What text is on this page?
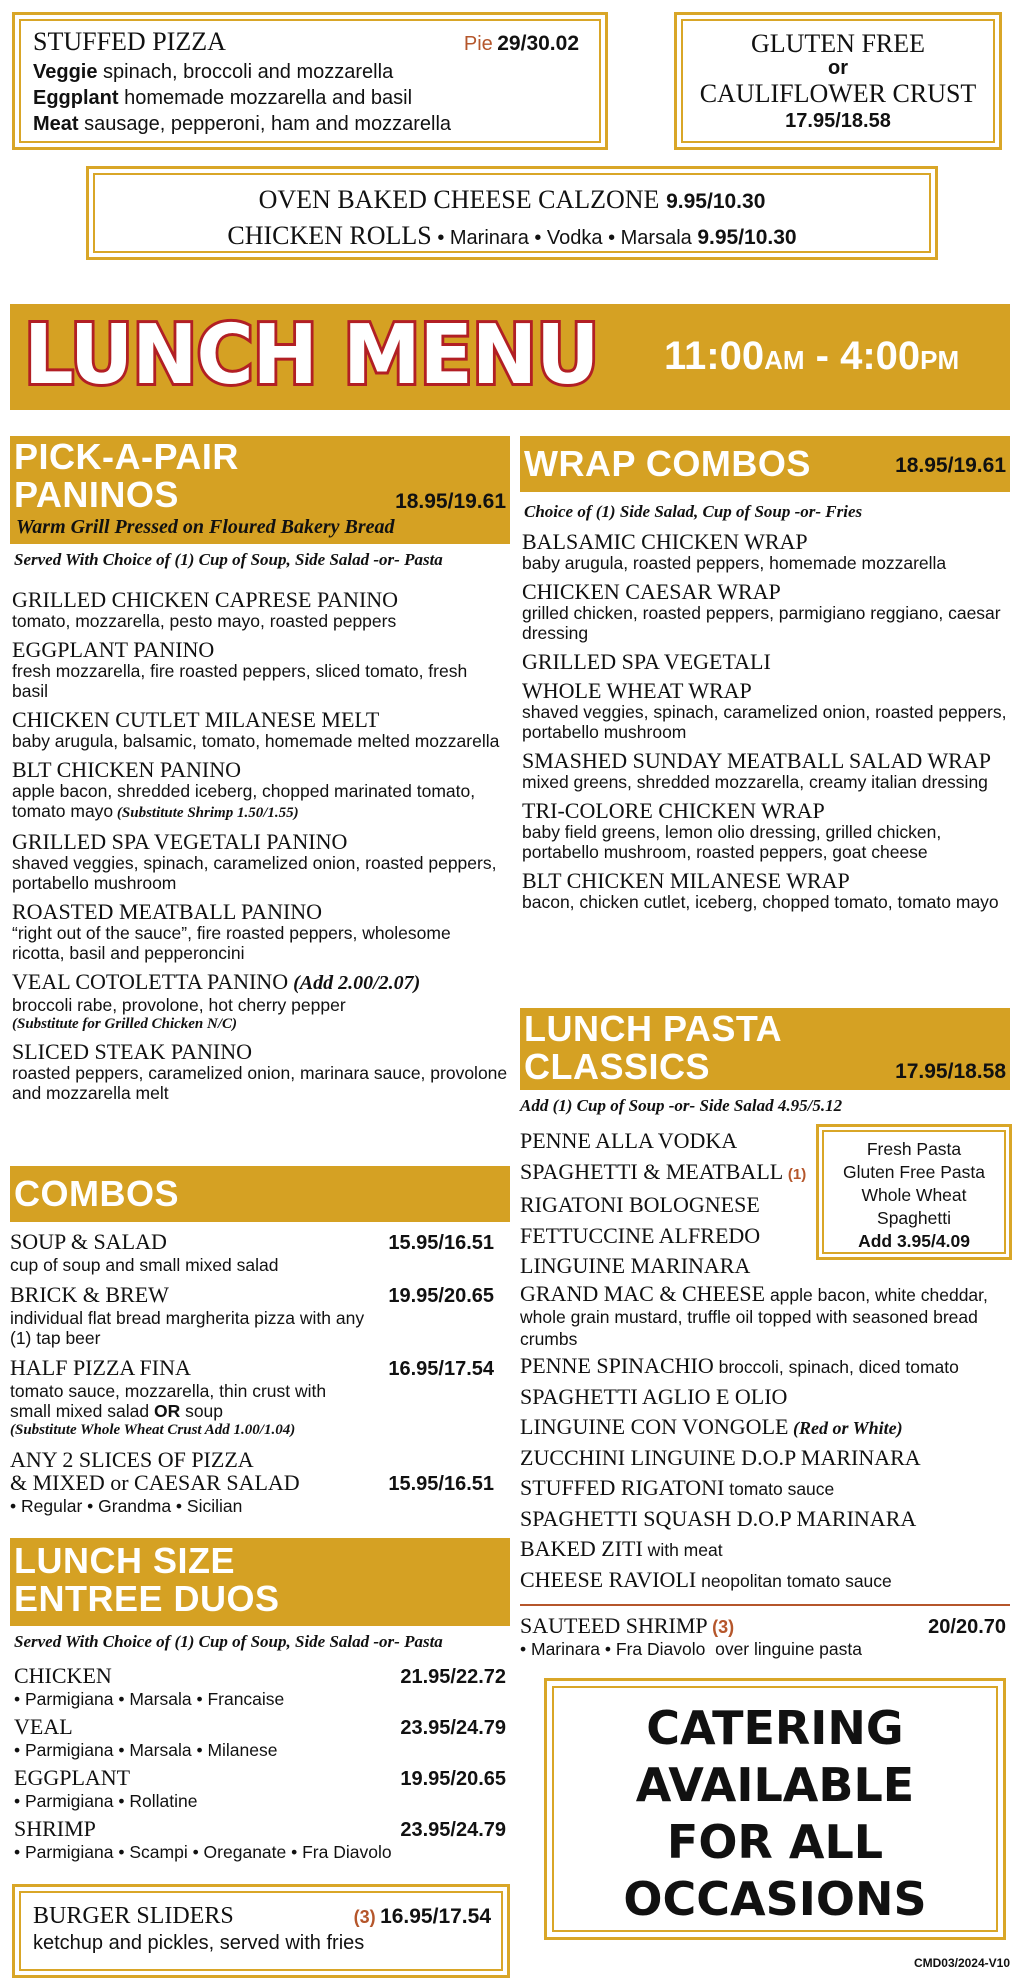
STUFFED PIZZA	Pie 29/30.02
Veggie spinach, broccoli and mozzarella
Eggplant homemade mozzarella and basil
Meat sausage, pepperoni, ham and mozzarella
GLUTEN FREE
or
CAULIFLOWER CRUST
17.95/18.58
OVEN BAKED CHEESE CALZONE 9.95/10.30
CHICKEN ROLLS • Marinara • Vodka • Marsala 9.95/10.30
LUNCH MENU 11:00AM - 4:00PM
PICK-A-PAIR
PANINOS	18.95/19.61
Warm Grill Pressed on Floured Bakery Bread
Served With Choice of (1) Cup of Soup, Side Salad -or- Pasta
GRILLED CHICKEN CAPRESE PANINO
tomato, mozzarella, pesto mayo, roasted peppers
EGGPLANT PANINO
fresh mozzarella, fire roasted peppers, sliced tomato, fresh basil
CHICKEN CUTLET MILANESE MELT
baby arugula, balsamic, tomato, homemade melted mozzarella
BLT CHICKEN PANINO
apple bacon, shredded iceberg, chopped marinated tomato, tomato mayo (Substitute Shrimp 1.50/1.55)
GRILLED SPA VEGETALI PANINO
shaved veggies, spinach, caramelized onion, roasted peppers, portabello mushroom
ROASTED MEATBALL PANINO
“right out of the sauce”, fire roasted peppers, wholesome ricotta, basil and pepperoncini
VEAL COTOLETTA PANINO (Add 2.00/2.07)
broccoli rabe, provolone, hot cherry pepper
(Substitute for Grilled Chicken N/C)
SLICED STEAK PANINO
roasted peppers, caramelized onion, marinara sauce, provolone and mozzarella melt
COMBOS
SOUP & SALAD	15.95/16.51
cup of soup and small mixed salad
BRICK & BREW	19.95/20.65
individual flat bread margherita pizza with any (1) tap beer
HALF PIZZA FINA	16.95/17.54
tomato sauce, mozzarella, thin crust with small mixed salad OR soup
(Substitute Whole Wheat Crust Add 1.00/1.04)
ANY 2 SLICES OF PIZZA
& MIXED or CAESAR SALAD	15.95/16.51
• Regular • Grandma • Sicilian
LUNCH SIZE
ENTREE DUOS
Served With Choice of (1) Cup of Soup, Side Salad -or- Pasta
CHICKEN	21.95/22.72
• Parmigiana • Marsala • Francaise
VEAL	23.95/24.79
• Parmigiana • Marsala • Milanese
EGGPLANT	19.95/20.65
• Parmigiana • Rollatine
SHRIMP	23.95/24.79
• Parmigiana • Scampi • Oreganate • Fra Diavolo
BURGER SLIDERS	(3) 16.95/17.54
ketchup and pickles, served with fries
WRAP COMBOS	18.95/19.61
Choice of (1) Side Salad, Cup of Soup -or- Fries
BALSAMIC CHICKEN WRAP
baby arugula, roasted peppers, homemade mozzarella
CHICKEN CAESAR WRAP
grilled chicken, roasted peppers, parmigiano reggiano, caesar dressing
GRILLED SPA VEGETALI
WHOLE WHEAT WRAP
shaved veggies, spinach, caramelized onion, roasted peppers, portabello mushroom
SMASHED SUNDAY MEATBALL SALAD WRAP
mixed greens, shredded mozzarella, creamy italian dressing
TRI-COLORE CHICKEN WRAP
baby field greens, lemon olio dressing, grilled chicken, portabello mushroom, roasted peppers, goat cheese
BLT CHICKEN MILANESE WRAP
bacon, chicken cutlet, iceberg, chopped tomato, tomato mayo
LUNCH PASTA
CLASSICS	17.95/18.58
Add (1) Cup of Soup -or- Side Salad 4.95/5.12
PENNE ALLA VODKA
SPAGHETTI & MEATBALL (1)
RIGATONI BOLOGNESE
FETTUCCINE ALFREDO
LINGUINE MARINARA
Fresh Pasta
Gluten Free Pasta
Whole Wheat
Spaghetti
Add 3.95/4.09
GRAND MAC & CHEESE apple bacon, white cheddar, whole grain mustard, truffle oil topped with seasoned bread crumbs
PENNE SPINACHIO broccoli, spinach, diced tomato
SPAGHETTI AGLIO E OLIO
LINGUINE CON VONGOLE (Red or White)
ZUCCHINI LINGUINE D.O.P MARINARA
STUFFED RIGATONI tomato sauce
SPAGHETTI SQUASH D.O.P MARINARA
BAKED ZITI with meat
CHEESE RAVIOLI neopolitan tomato sauce
SAUTEED SHRIMP (3)	20/20.70
• Marinara • Fra Diavolo  over linguine pasta
CATERING
AVAILABLE
FOR ALL
OCCASIONS
CMD03/2024-V10
